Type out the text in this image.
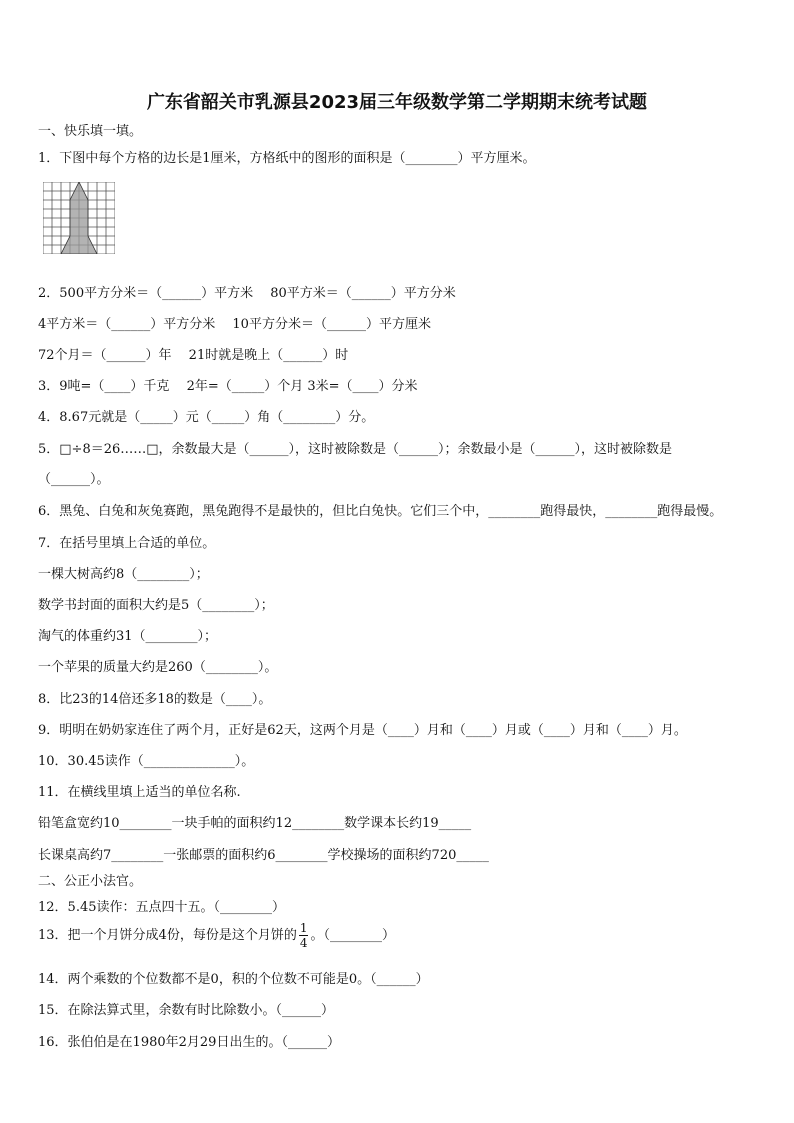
广东省韶关市乳源县2023届三年级数学第二学期期末统考试题
一、快乐填一填。
1．下图中每个方格的边长是1厘米，方格纸中的图形的面积是（________）平方厘米。
2．500平方分米＝（______）平方米　 80平方米＝（______）平方分米
4平方米＝（______）平方分米　 10平方分米＝（______）平方厘米
72个月＝（______）年　 21时就是晚上（______）时
3．9吨=（____）千克　 2年=（_____）个月 3米=（____）分米
4．8.67元就是（_____）元（_____）角（________）分。
5．□÷8＝26……□，余数最大是（______），这时被除数是（______）；余数最小是（______），这时被除数是
（______）。
6．黑兔、白兔和灰兔赛跑，黑兔跑得不是最快的，但比白兔快。它们三个中，________跑得最快，________跑得最慢。
7．在括号里填上合适的单位。
一棵大树高约8（________）；
数学书封面的面积大约是5（________）；
淘气的体重约31（________）；
一个苹果的质量大约是260（________）。
8．比23的14倍还多18的数是（____）。
9．明明在奶奶家连住了两个月，正好是62天，这两个月是（____）月和（____）月或（____）月和（____）月。
10．30.45读作（______________）。
11．在横线里填上适当的单位名称.
铅笔盒宽约10________一块手帕的面积约12________数学课本长约19_____
长课桌高约7________一张邮票的面积约6________学校操场的面积约720_____
二、公正小法官。
12．5.45读作：五点四十五。（________）
13．把一个月饼分成4份，每份是这个月饼的 $\frac{1}{4}$ 。（________）
14．两个乘数的个位数都不是0，积的个位数不可能是0。（______）
15．在除法算式里，余数有时比除数小。（______）
16．张伯伯是在1980年2月29日出生的。（______）
